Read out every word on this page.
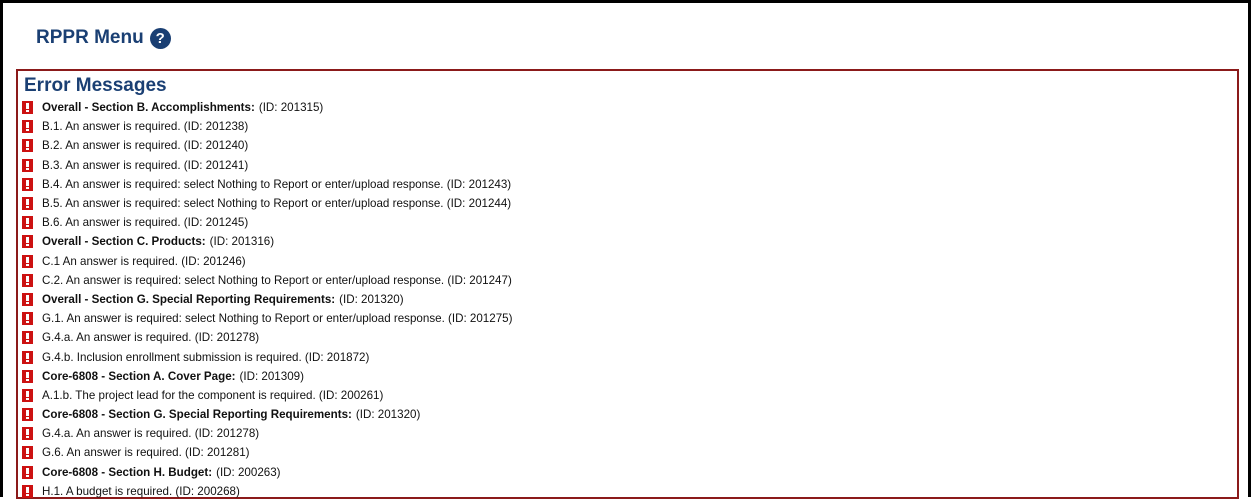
RPPR Menu ?
Error Messages
Overall - Section B. Accomplishments: (ID: 201315)
B.1. An answer is required. (ID: 201238)
B.2. An answer is required. (ID: 201240)
B.3. An answer is required. (ID: 201241)
B.4. An answer is required: select Nothing to Report or enter/upload response. (ID: 201243)
B.5. An answer is required: select Nothing to Report or enter/upload response. (ID: 201244)
B.6. An answer is required. (ID: 201245)
Overall - Section C. Products: (ID: 201316)
C.1 An answer is required. (ID: 201246)
C.2. An answer is required: select Nothing to Report or enter/upload response. (ID: 201247)
Overall - Section G. Special Reporting Requirements: (ID: 201320)
G.1. An answer is required: select Nothing to Report or enter/upload response. (ID: 201275)
G.4.a. An answer is required. (ID: 201278)
G.4.b. Inclusion enrollment submission is required. (ID: 201872)
Core-6808 - Section A. Cover Page: (ID: 201309)
A.1.b. The project lead for the component is required. (ID: 200261)
Core-6808 - Section G. Special Reporting Requirements: (ID: 201320)
G.4.a. An answer is required. (ID: 201278)
G.6. An answer is required. (ID: 201281)
Core-6808 - Section H. Budget: (ID: 200263)
H.1. A budget is required. (ID: 200268)
